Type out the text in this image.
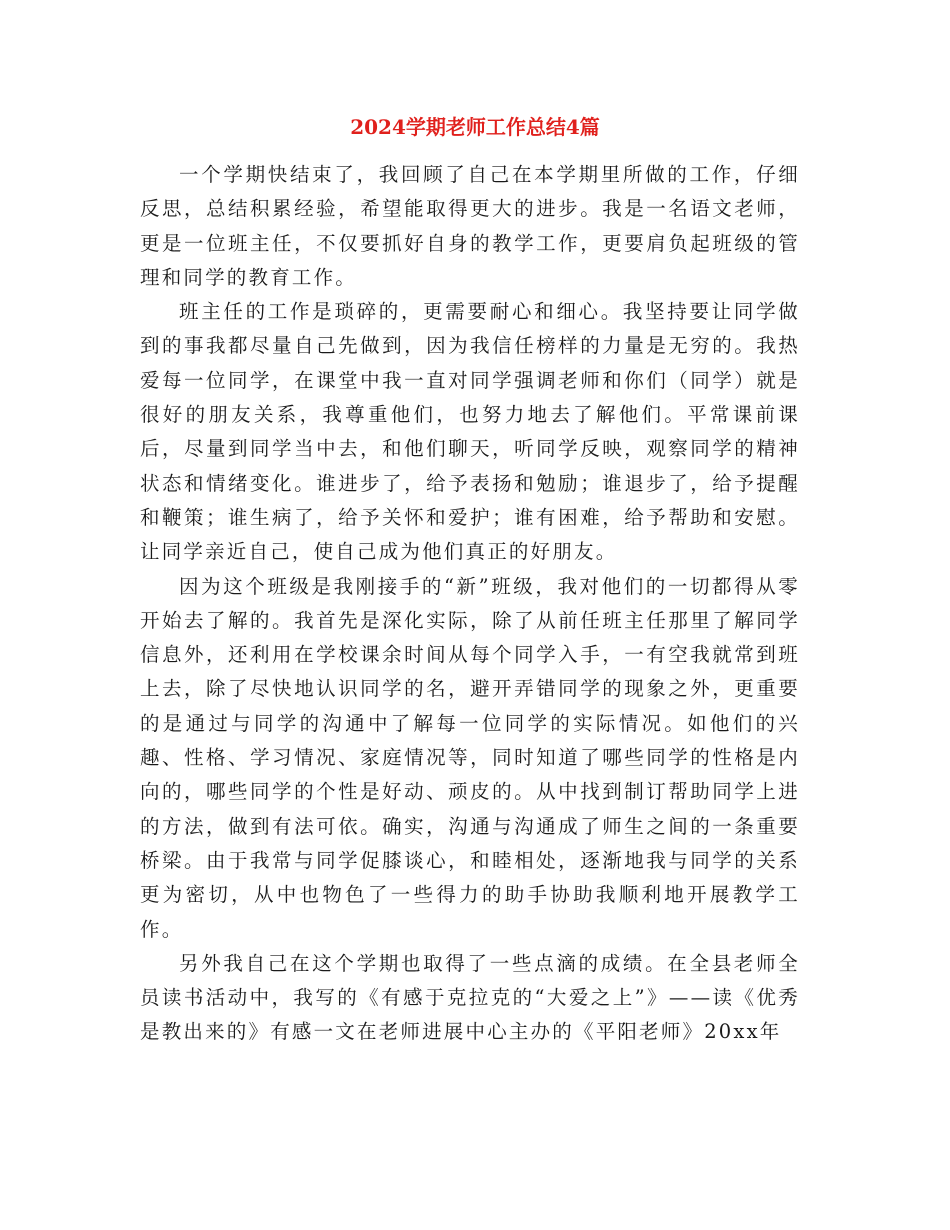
2024学期老师工作总结4篇

一个学期快结束了，我回顾了自己在本学期里所做的工作，仔细反思，总结积累经验，希望能取得更大的进步。我是一名语文老师，更是一位班主任，不仅要抓好自身的教学工作，更要肩负起班级的管理和同学的教育工作。

班主任的工作是琐碎的，更需要耐心和细心。我坚持要让同学做到的事我都尽量自己先做到，因为我信任榜样的力量是无穷的。我热爱每一位同学，在课堂中我一直对同学强调老师和你们（同学）就是很好的朋友关系，我尊重他们，也努力地去了解他们。平常课前课后，尽量到同学当中去，和他们聊天，听同学反映，观察同学的精神状态和情绪变化。谁进步了，给予表扬和勉励；谁退步了，给予提醒和鞭策；谁生病了，给予关怀和爱护；谁有困难，给予帮助和安慰。让同学亲近自己，使自己成为他们真正的好朋友。

因为这个班级是我刚接手的“新”班级，我对他们的一切都得从零开始去了解的。我首先是深化实际，除了从前任班主任那里了解同学信息外，还利用在学校课余时间从每个同学入手，一有空我就常到班上去，除了尽快地认识同学的名，避开弄错同学的现象之外，更重要的是通过与同学的沟通中了解每一位同学的实际情况。如他们的兴趣、性格、学习情况、家庭情况等，同时知道了哪些同学的性格是内向的，哪些同学的个性是好动、顽皮的。从中找到制订帮助同学上进的方法，做到有法可依。确实，沟通与沟通成了师生之间的一条重要桥梁。由于我常与同学促膝谈心，和睦相处，逐渐地我与同学的关系更为密切，从中也物色了一些得力的助手协助我顺利地开展教学工作。

另外我自己在这个学期也取得了一些点滴的成绩。在全县老师全员读书活动中，我写的《有感于克拉克的“大爱之上”》——读《优秀是教出来的》有感一文在老师进展中心主办的《平阳老师》20xx年
